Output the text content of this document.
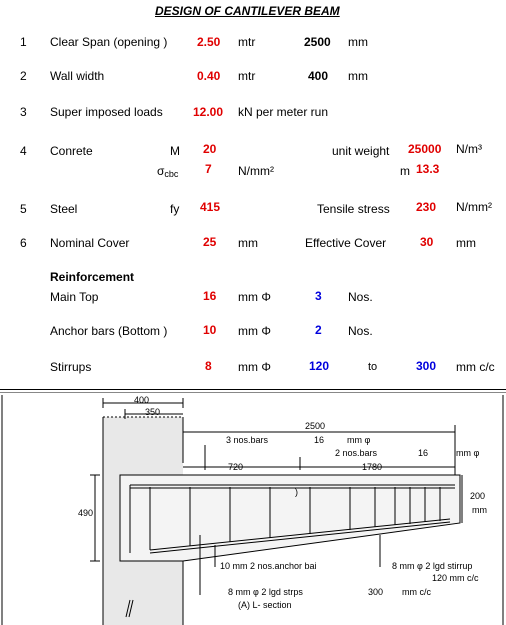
DESIGN OF CANTILEVER BEAM
1 Clear Span (opening ) 2.50 mtr	2500 mm
2 Wall width	0.40 mtr	400 mm
3 Super imposed loads	12.00 kN per meter run
4 Conrete	M 20	unit weight 25000 N/m³
σcbc 7 N/mm²	m 13.3
5 Steel	fy 415	Tensile stress 230 N/mm²
6 Nominal Cover	25 mm	Effective Cover	30 mm
Reinforcement
Main Top	16 mm Φ	3 Nos.
Anchor bars (Bottom )	10 mm Φ	2 Nos.
Stirrups	8 mm Φ	120	to	300 mm c/c
)
400
350
2500
3 nos.bars	16	mm φ
2 nos.bars	16	mm φ
720	1780
490
200
mm
10 mm 2 nos.anchor bai	8 mm φ 2 lgd stirrup
120 mm c/c
8 mm φ 2 lgd strps	300 mm c/c
(A) L- section
